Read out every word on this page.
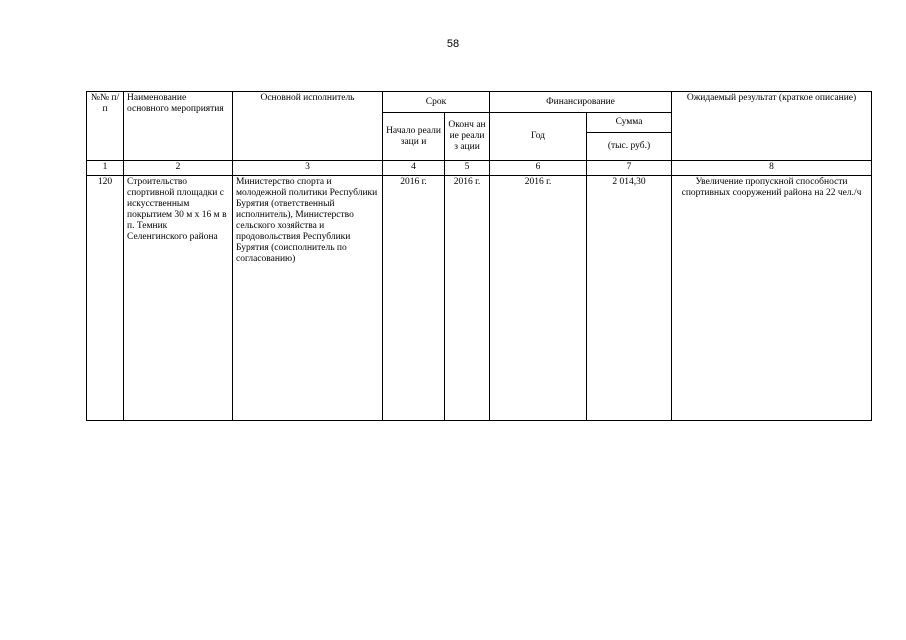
58
№№ п/п	Наименование основного мероприятия	Основной исполнитель	Срок		Финансирование		Ожидаемый результат (краткое описание)
			Начало реализаци и	Оконч ание реализ ации	Год	Сумма	
						(тыс. руб.)	
1	2	3	4	5	6	7	8
120	Строительство спортивной площадки с искусственным покрытием 30 м х 16 м в п. Темник Селенгинского района	Министерство спорта и молодежной политики Республики Бурятия (ответственный исполнитель), Министерство сельского хозяйства и продовольствия Республики Бурятия (соисполнитель по согласованию)	2016 г.	2016 г.	2016 г.	2 014,30	Увеличение пропускной способности спортивных сооружений района на 22 чел./ч
